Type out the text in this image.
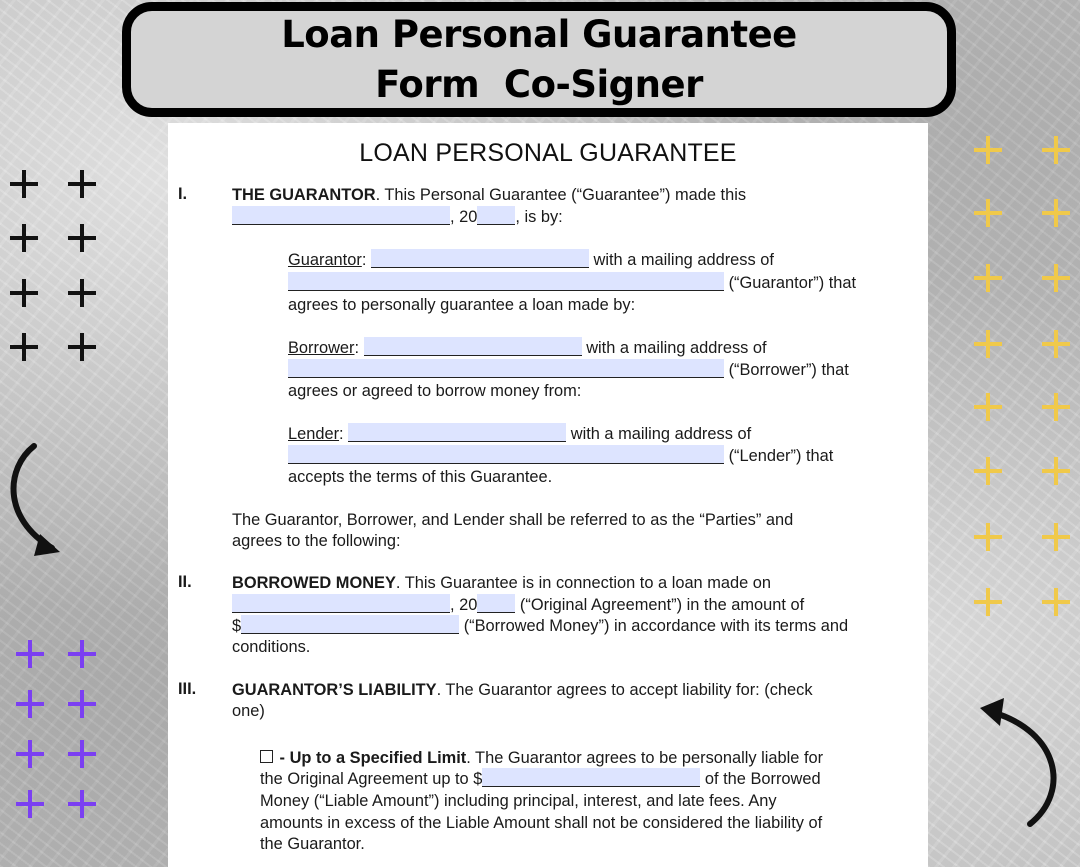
Loan Personal Guarantee
Form  Co-Signer
LOAN PERSONAL GUARANTEE
I.	THE GUARANTOR. This Personal Guarantee (“Guarantee”) made this
, 20 , is by:
Guarantor:	with a mailing address of
(“Guarantor”) that
agrees to personally guarantee a loan made by:
Borrower:	with a mailing address of
(“Borrower”) that
agrees or agreed to borrow money from:
Lender:	with a mailing address of
(“Lender”) that
accepts the terms of this Guarantee.
The Guarantor, Borrower, and Lender shall be referred to as the “Parties” and
agrees to the following:
II. BORROWED MONEY. This Guarantee is in connection to a loan made on
, 20	(“Original Agreement”) in the amount of
$	(“Borrowed Money”) in accordance with its terms and
conditions.
III. GUARANTOR’S LIABILITY. The Guarantor agrees to accept liability for: (check
one)
- Up to a Specified Limit. The Guarantor agrees to be personally liable for
the Original Agreement up to $	of the Borrowed
Money (“Liable Amount”) including principal, interest, and late fees. Any
amounts in excess of the Liable Amount shall not be considered the liability of
the Guarantor.
